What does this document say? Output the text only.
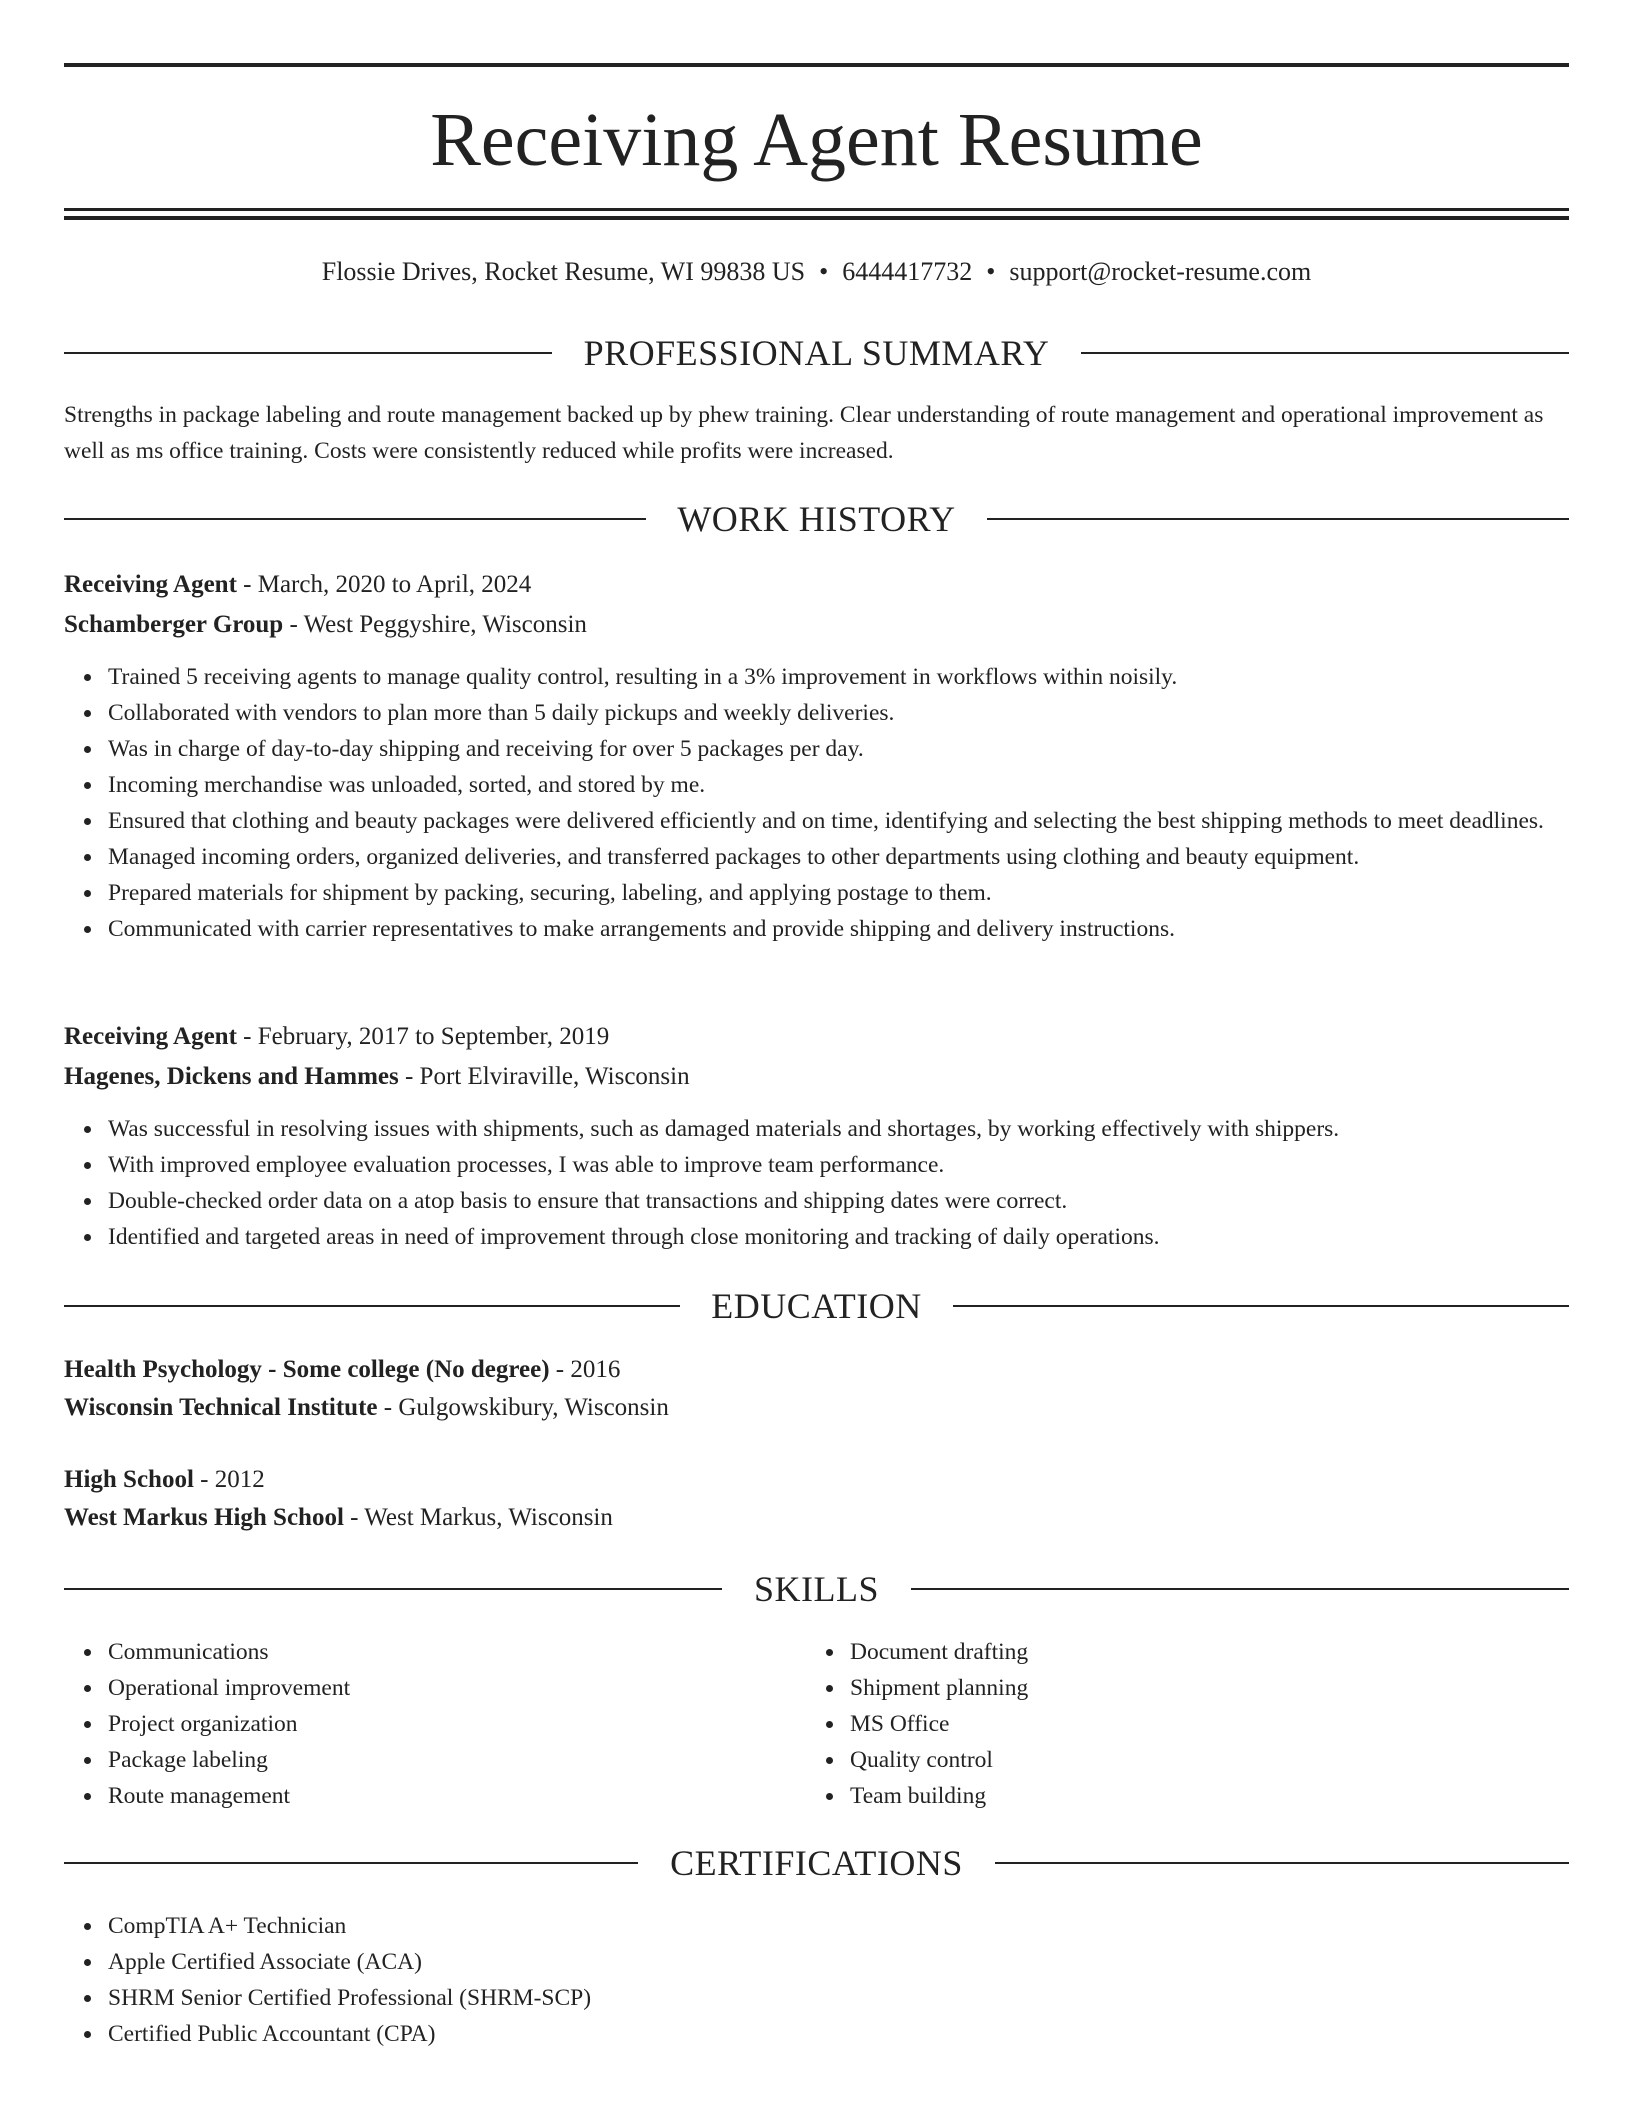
Receiving Agent Resume
Flossie Drives, Rocket Resume, WI 99838 US • 6444417732 • support@rocket-resume.com
PROFESSIONAL SUMMARY
Strengths in package labeling and route management backed up by phew training. Clear understanding of route management and operational improvement as well as ms office training. Costs were consistently reduced while profits were increased.
WORK HISTORY
Receiving Agent - March, 2020 to April, 2024
Schamberger Group - West Peggyshire, Wisconsin
Trained 5 receiving agents to manage quality control, resulting in a 3% improvement in workflows within noisily.
Collaborated with vendors to plan more than 5 daily pickups and weekly deliveries.
Was in charge of day-to-day shipping and receiving for over 5 packages per day.
Incoming merchandise was unloaded, sorted, and stored by me.
Ensured that clothing and beauty packages were delivered efficiently and on time, identifying and selecting the best shipping methods to meet deadlines.
Managed incoming orders, organized deliveries, and transferred packages to other departments using clothing and beauty equipment.
Prepared materials for shipment by packing, securing, labeling, and applying postage to them.
Communicated with carrier representatives to make arrangements and provide shipping and delivery instructions.
Receiving Agent - February, 2017 to September, 2019
Hagenes, Dickens and Hammes - Port Elviraville, Wisconsin
Was successful in resolving issues with shipments, such as damaged materials and shortages, by working effectively with shippers.
With improved employee evaluation processes, I was able to improve team performance.
Double-checked order data on a atop basis to ensure that transactions and shipping dates were correct.
Identified and targeted areas in need of improvement through close monitoring and tracking of daily operations.
EDUCATION
Health Psychology - Some college (No degree) - 2016
Wisconsin Technical Institute - Gulgowskibury, Wisconsin
High School - 2012
West Markus High School - West Markus, Wisconsin
SKILLS
Communications
Operational improvement
Project organization
Package labeling
Route management
Document drafting
Shipment planning
MS Office
Quality control
Team building
CERTIFICATIONS
CompTIA A+ Technician
Apple Certified Associate (ACA)
SHRM Senior Certified Professional (SHRM-SCP)
Certified Public Accountant (CPA)
